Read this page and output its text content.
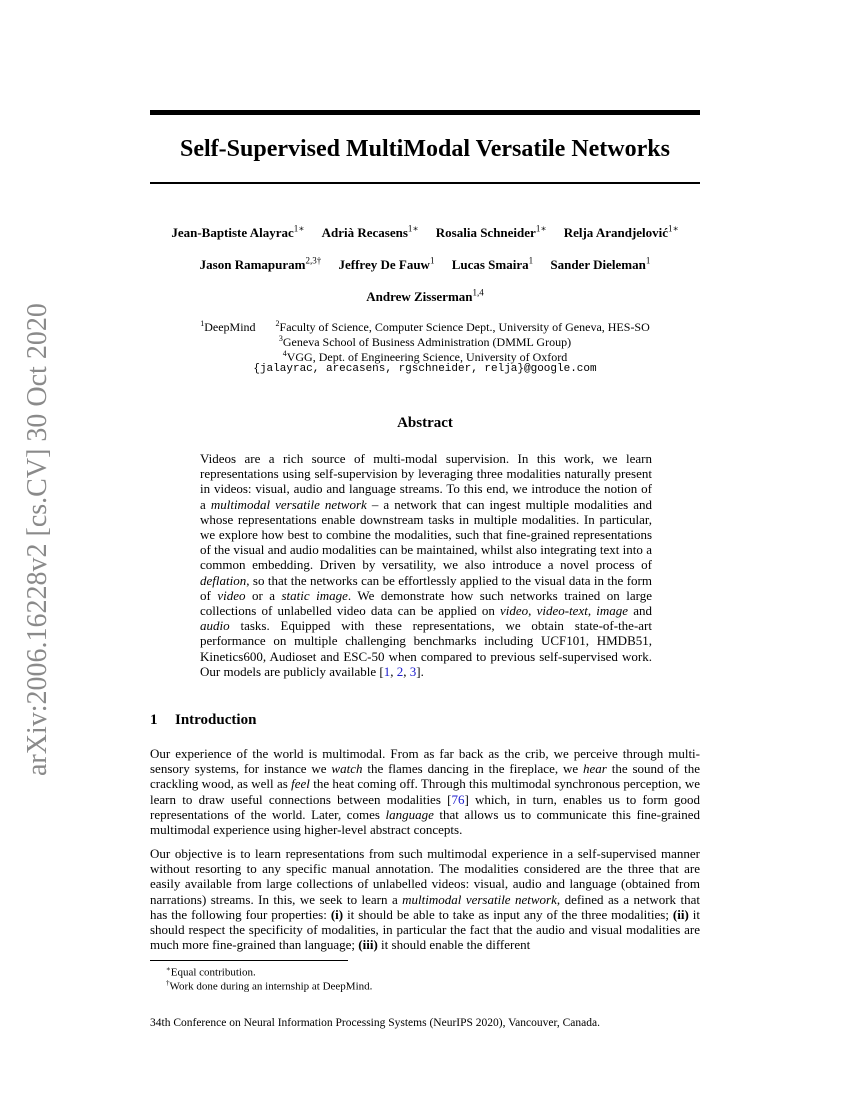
arXiv:2006.16228v2 [cs.CV] 30 Oct 2020
Self-Supervised MultiModal Versatile Networks
Jean-Baptiste Alayrac$^{1∗}$ Adrià Recasens$^{1∗}$ Rosalia Schneider$^{1∗}$ Relja Arandjelović$^{1∗}$
Jason Ramapuram$^{2,3\dagger}$ Jeffrey De Fauw$^1$ Lucas Smaira$^1$ Sander Dieleman$^1$
Andrew Zisserman$^{1,4}$
$^1$DeepMind	$^2$Faculty of Science, Computer Science Dept., University of Geneva, HES-SO
$^3$Geneva School of Business Administration (DMML Group)
$^4$VGG, Dept. of Engineering Science, University of Oxford
{jalayrac, arecasens, rgschneider, relja}@google.com
Abstract
Videos are a rich source of multi-modal supervision. In this work, we learn representations using self-supervision by leveraging three modalities naturally present in videos: visual, audio and language streams. To this end, we introduce the notion of a multimodal versatile network – a network that can ingest multiple modalities and whose representations enable downstream tasks in multiple modalities. In particular, we explore how best to combine the modalities, such that fine-grained representations of the visual and audio modalities can be maintained, whilst also integrating text into a common embedding. Driven by versatility, we also introduce a novel process of deflation, so that the networks can be effortlessly applied to the visual data in the form of video or a static image. We demonstrate how such networks trained on large collections of unlabelled video data can be applied on video, video-text, image and audio tasks. Equipped with these representations, we obtain state-of-the-art performance on multiple challenging benchmarks including UCF101, HMDB51, Kinetics600, Audioset and ESC-50 when compared to previous self-supervised work. Our models are publicly available [1, 2, 3].
1 Introduction
Our experience of the world is multimodal. From as far back as the crib, we perceive through multi-sensory systems, for instance we watch the flames dancing in the fireplace, we hear the sound of the crackling wood, as well as feel the heat coming off. Through this multimodal synchronous perception, we learn to draw useful connections between modalities [76] which, in turn, enables us to form good representations of the world. Later, comes language that allows us to communicate this fine-grained multimodal experience using higher-level abstract concepts.
Our objective is to learn representations from such multimodal experience in a self-supervised manner without resorting to any specific manual annotation. The modalities considered are the three that are easily available from large collections of unlabelled videos: visual, audio and language (obtained from narrations) streams. In this, we seek to learn a multimodal versatile network, defined as a network that has the following four properties: (i) it should be able to take as input any of the three modalities; (ii) it should respect the specificity of modalities, in particular the fact that the audio and visual modalities are much more fine-grained than language; (iii) it should enable the different
∗Equal contribution.
†Work done during an internship at DeepMind.
34th Conference on Neural Information Processing Systems (NeurIPS 2020), Vancouver, Canada.
